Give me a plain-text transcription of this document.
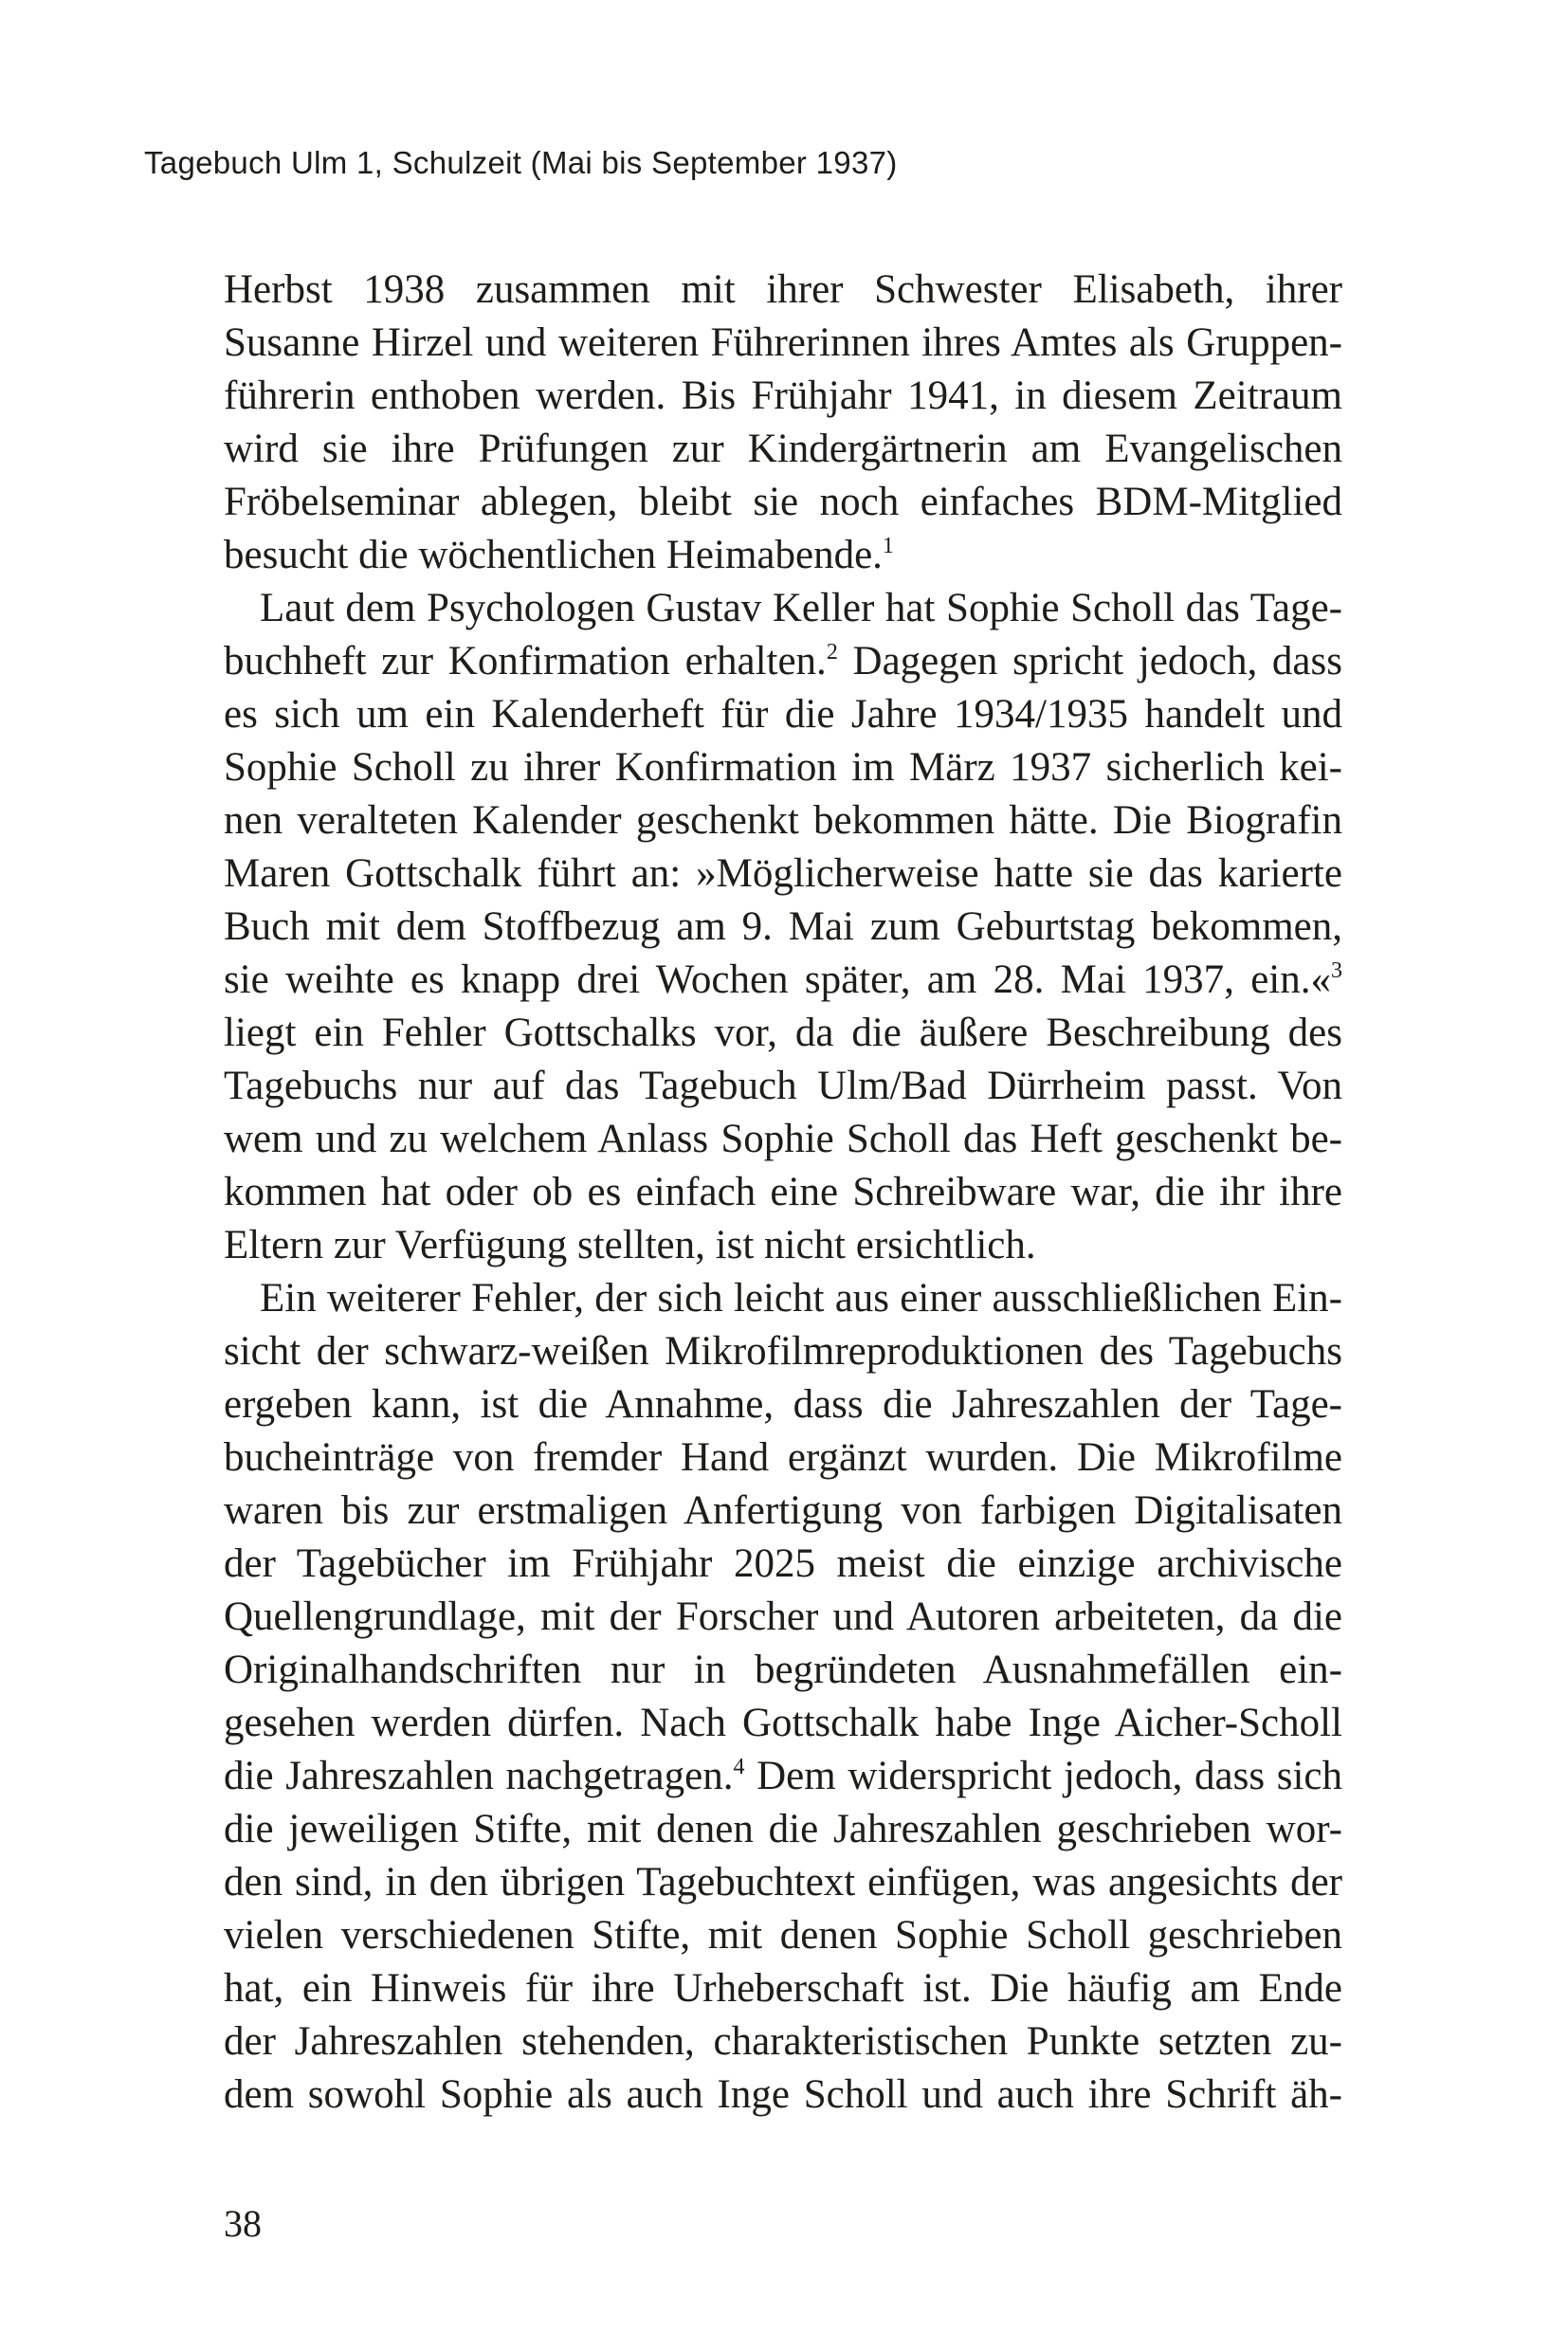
Tagebuch Ulm 1, Schulzeit (Mai bis September 1937)
Herbst 1938 zusammen mit ihrer Schwester Elisabeth, ihrer
Susanne Hirzel und weiteren Führerinnen ihres Amtes als Gruppen-
führerin enthoben werden. Bis Frühjahr 1941, in diesem Zeitraum
wird sie ihre Prüfungen zur Kindergärtnerin am Evangelischen
Fröbelseminar ablegen, bleibt sie noch einfaches BDM-Mitglied
besucht die wöchentlichen Heimabende.$^1$
Laut dem Psychologen Gustav Keller hat Sophie Scholl das Tage-
buchheft zur Konfirmation erhalten.$^2$ Dagegen spricht jedoch, dass
es sich um ein Kalenderheft für die Jahre 1934/1935 handelt und
Sophie Scholl zu ihrer Konfirmation im März 1937 sicherlich kei-
nen veralteten Kalender geschenkt bekommen hätte. Die Biografin
Maren Gottschalk führt an: »Möglicherweise hatte sie das karierte
Buch mit dem Stoffbezug am 9. Mai zum Geburtstag bekommen,
sie weihte es knapp drei Wochen später, am 28. Mai 1937, ein.«$^3$
liegt ein Fehler Gottschalks vor, da die äußere Beschreibung des
Tagebuchs nur auf das Tagebuch Ulm/Bad Dürrheim passt. Von
wem und zu welchem Anlass Sophie Scholl das Heft geschenkt be-
kommen hat oder ob es einfach eine Schreibware war, die ihr ihre
Eltern zur Verfügung stellten, ist nicht ersichtlich.
Ein weiterer Fehler, der sich leicht aus einer ausschließlichen Ein-
sicht der schwarz-weißen Mikrofilmreproduktionen des Tagebuchs
ergeben kann, ist die Annahme, dass die Jahreszahlen der Tage-
bucheinträge von fremder Hand ergänzt wurden. Die Mikrofilme
waren bis zur erstmaligen Anfertigung von farbigen Digitalisaten
der Tagebücher im Frühjahr 2025 meist die einzige archivische
Quellengrundlage, mit der Forscher und Autoren arbeiteten, da die
Originalhandschriften nur in begründeten Ausnahmefällen ein-
gesehen werden dürfen. Nach Gottschalk habe Inge Aicher-Scholl
die Jahreszahlen nachgetragen.$^4$ Dem widerspricht jedoch, dass sich
die jeweiligen Stifte, mit denen die Jahreszahlen geschrieben wor-
den sind, in den übrigen Tagebuchtext einfügen, was angesichts der
vielen verschiedenen Stifte, mit denen Sophie Scholl geschrieben
hat, ein Hinweis für ihre Urheberschaft ist. Die häufig am Ende
der Jahreszahlen stehenden, charakteristischen Punkte setzten zu-
dem sowohl Sophie als auch Inge Scholl und auch ihre Schrift äh-
38
